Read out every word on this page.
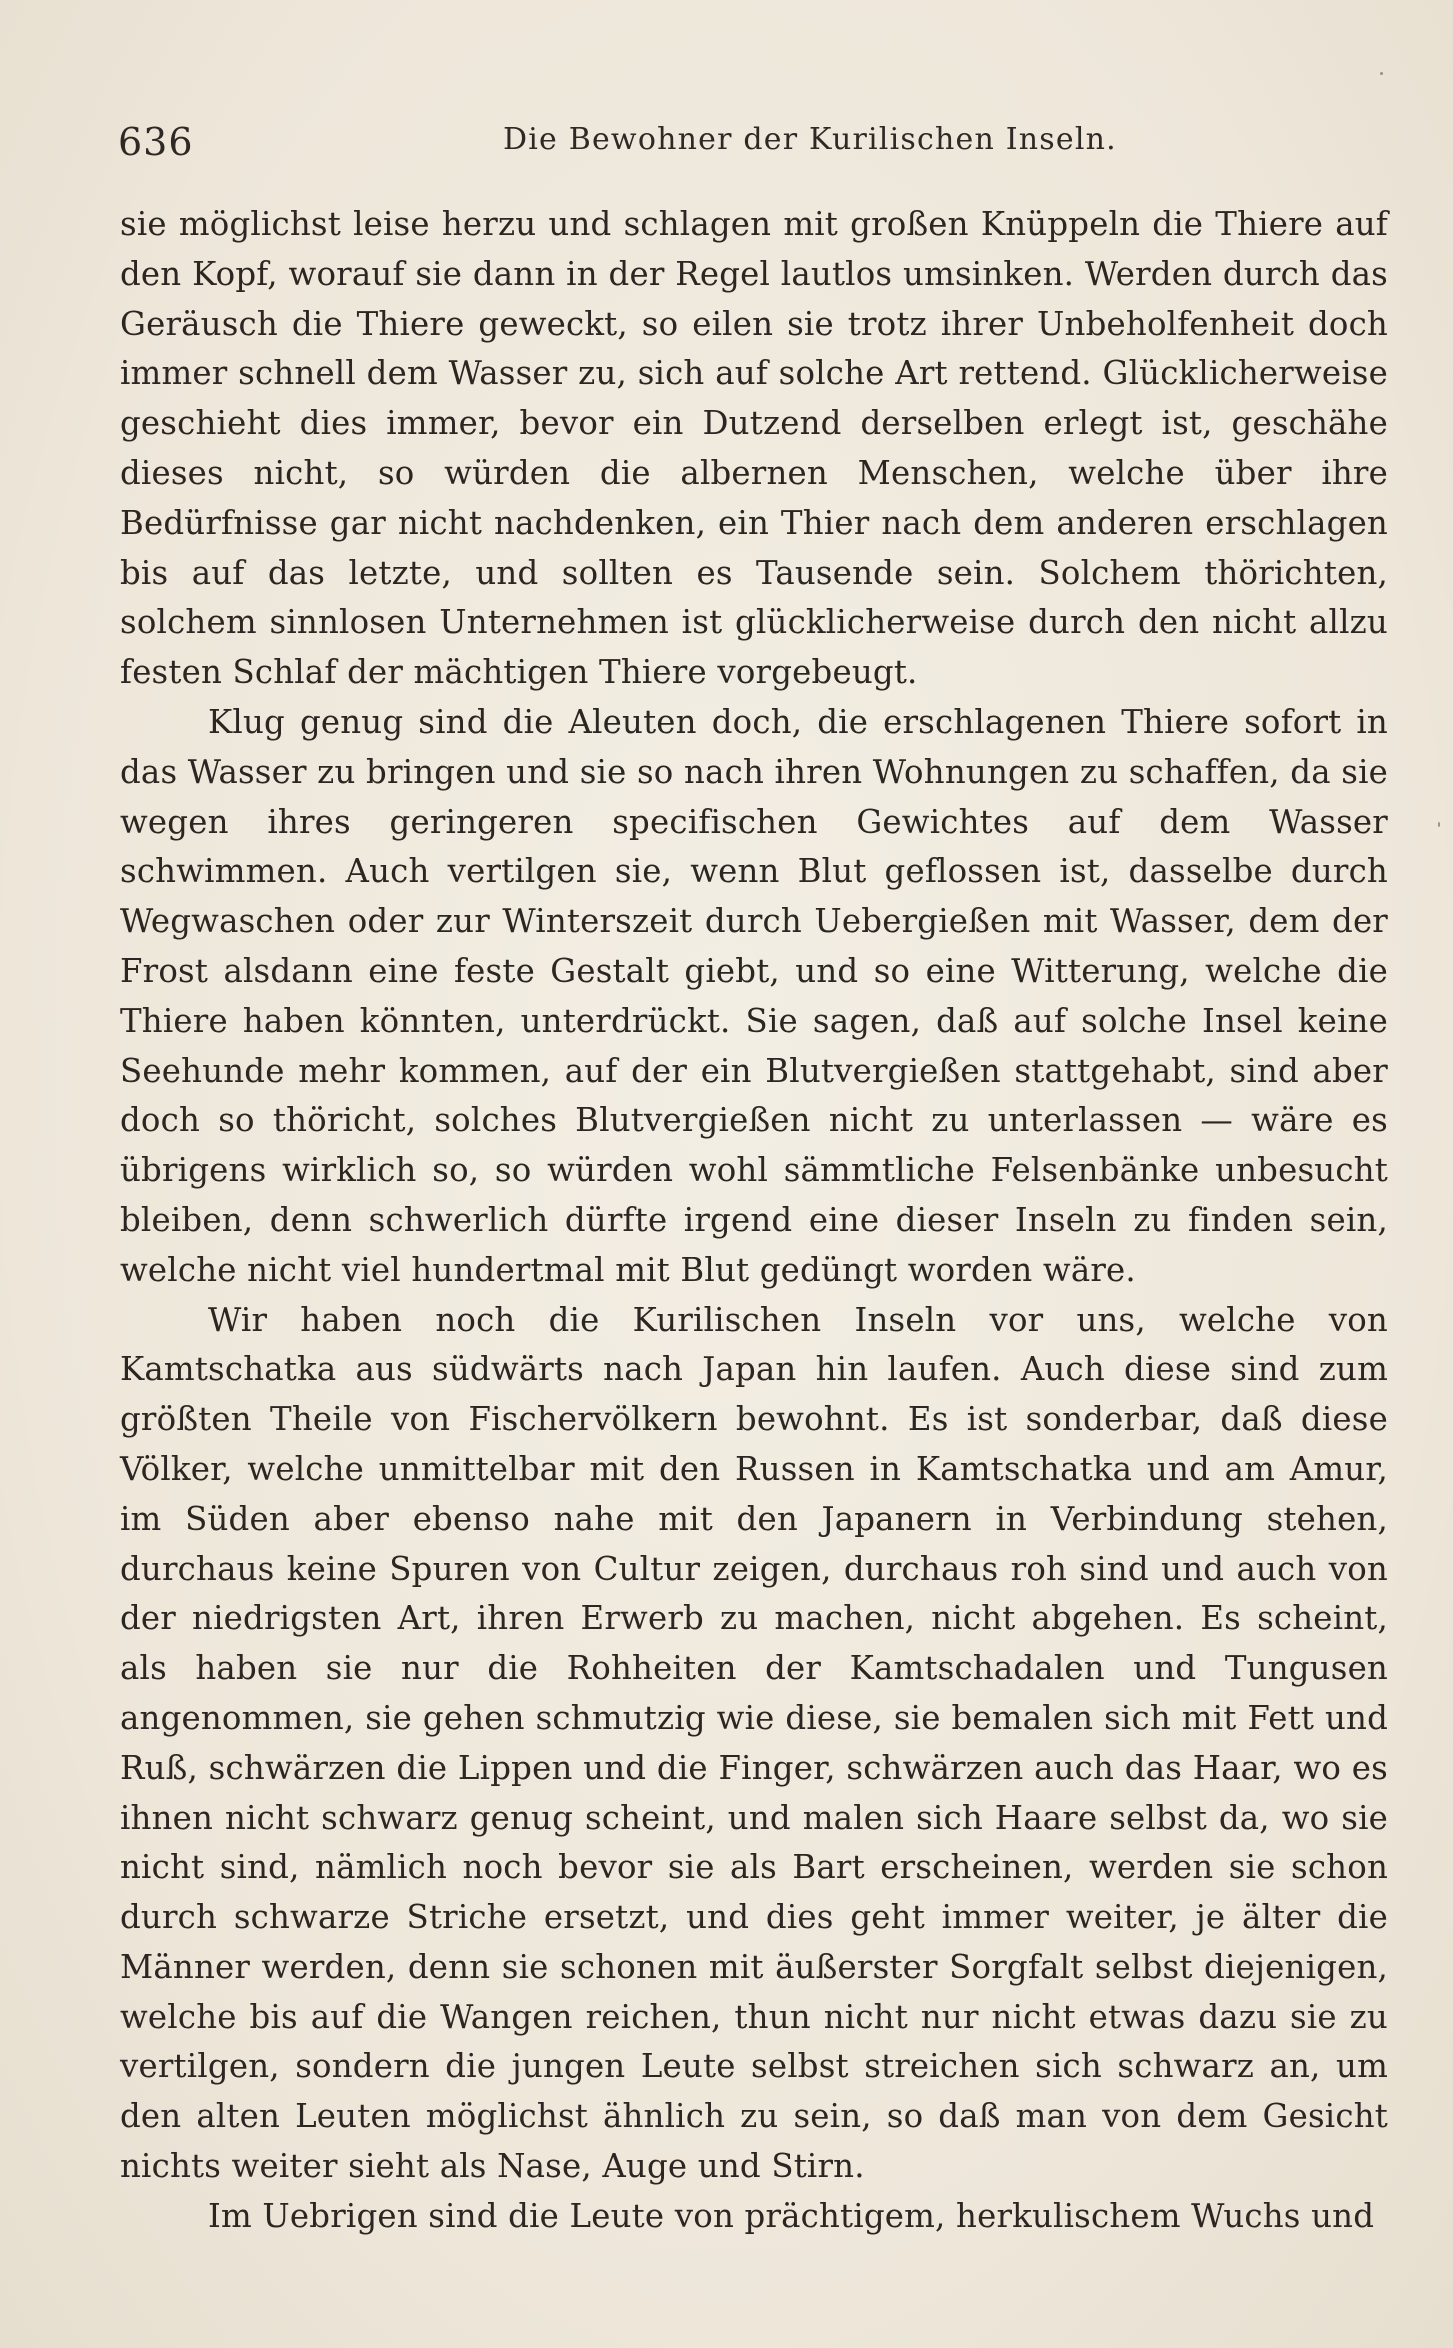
636	Die Bewohner der Kurilischen Inseln.

sie möglichst leise herzu und schlagen mit großen Knüppeln die Thiere auf den Kopf, worauf sie dann in der Regel lautlos umsinken. Werden durch das Geräusch die Thiere geweckt, so eilen sie trotz ihrer Unbeholfenheit doch immer schnell dem Wasser zu, sich auf solche Art rettend. Glücklicherweise geschieht dies immer, bevor ein Dutzend derselben erlegt ist, geschähe dieses nicht, so würden die albernen Menschen, welche über ihre Bedürfnisse gar nicht nachdenken, ein Thier nach dem anderen erschlagen bis auf das letzte, und sollten es Tausende sein. Solchem thörichten, solchem sinnlosen Unternehmen ist glücklicherweise durch den nicht allzu festen Schlaf der mächtigen Thiere vorgebeugt.

Klug genug sind die Aleuten doch, die erschlagenen Thiere sofort in das Wasser zu bringen und sie so nach ihren Wohnungen zu schaffen, da sie wegen ihres geringeren specifischen Gewichtes auf dem Wasser schwimmen. Auch vertilgen sie, wenn Blut geflossen ist, dasselbe durch Wegwaschen oder zur Winterszeit durch Uebergießen mit Wasser, dem der Frost alsdann eine feste Gestalt giebt, und so eine Witterung, welche die Thiere haben könnten, unterdrückt. Sie sagen, daß auf solche Insel keine Seehunde mehr kommen, auf der ein Blutvergießen stattgehabt, sind aber doch so thöricht, solches Blutvergießen nicht zu unterlassen — wäre es übrigens wirklich so, so würden wohl sämmtliche Felsenbänke unbesucht bleiben, denn schwerlich dürfte irgend eine dieser Inseln zu finden sein, welche nicht viel hundertmal mit Blut gedüngt worden wäre.

Wir haben noch die Kurilischen Inseln vor uns, welche von Kamtschatka aus südwärts nach Japan hin laufen. Auch diese sind zum größten Theile von Fischervölkern bewohnt. Es ist sonderbar, daß diese Völker, welche unmittelbar mit den Russen in Kamtschatka und am Amur, im Süden aber ebenso nahe mit den Japanern in Verbindung stehen, durchaus keine Spuren von Cultur zeigen, durchaus roh sind und auch von der niedrigsten Art, ihren Erwerb zu machen, nicht abgehen. Es scheint, als haben sie nur die Rohheiten der Kamtschadalen und Tungusen angenommen, sie gehen schmutzig wie diese, sie bemalen sich mit Fett und Ruß, schwärzen die Lippen und die Finger, schwärzen auch das Haar, wo es ihnen nicht schwarz genug scheint, und malen sich Haare selbst da, wo sie nicht sind, nämlich noch bevor sie als Bart erscheinen, werden sie schon durch schwarze Striche ersetzt, und dies geht immer weiter, je älter die Männer werden, denn sie schonen mit äußerster Sorgfalt selbst diejenigen, welche bis auf die Wangen reichen, thun nicht nur nicht etwas dazu sie zu vertilgen, sondern die jungen Leute selbst streichen sich schwarz an, um den alten Leuten möglichst ähnlich zu sein, so daß man von dem Gesicht nichts weiter sieht als Nase, Auge und Stirn.

Im Uebrigen sind die Leute von prächtigem, herkulischem Wuchs und
